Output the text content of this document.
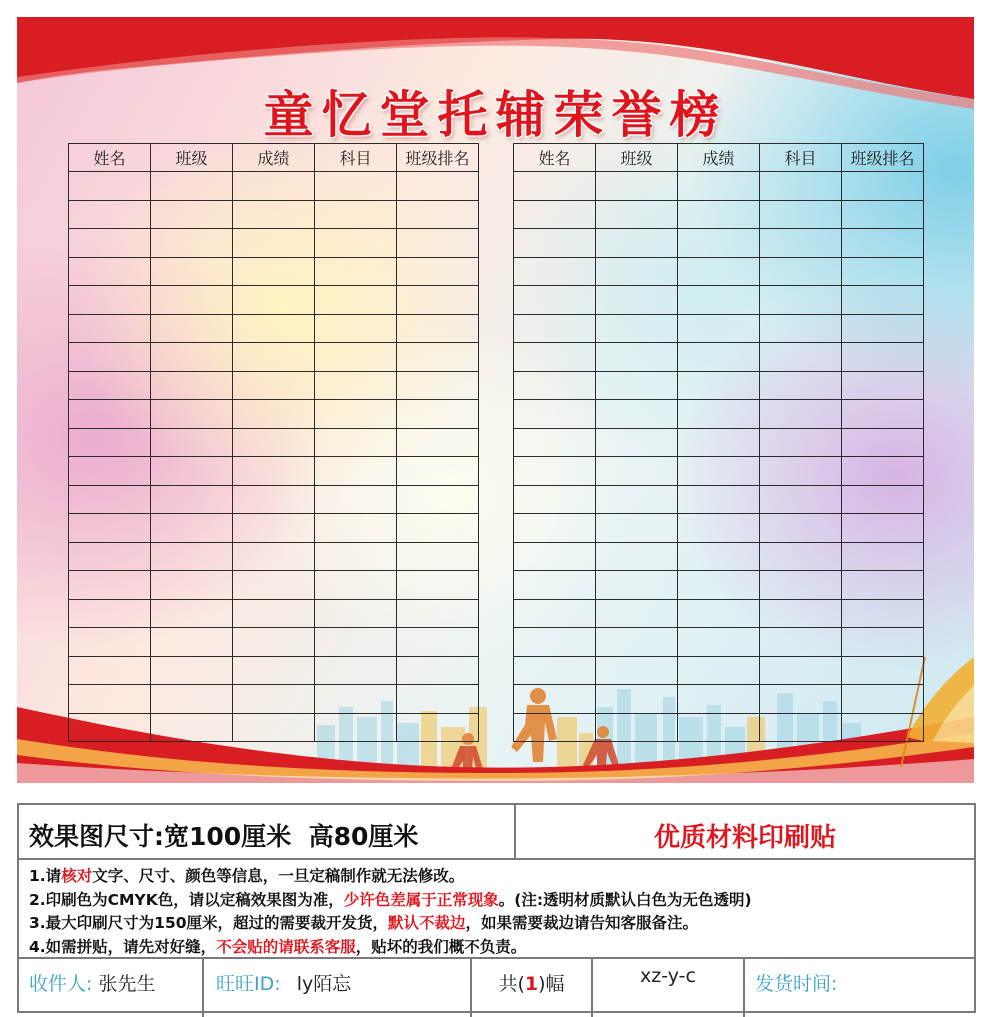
童忆堂托辅荣誉榜
姓名	班级	成绩	科目	班级排名

					姓名	班级	成绩	科目	班级排名

效果图尺寸:宽100厘米  高80厘米	优质材料印刷贴
1.请核对文字、尺寸、颜色等信息，一旦定稿制作就无法修改。
2.印刷色为CMYK色，请以定稿效果图为准，少许色差属于正常现象。(注:透明材质默认白色为无色透明)
3.最大印刷尺寸为150厘米，超过的需要裁开发货，默认不裁边，如果需要裁边请告知客服备注。
4.如需拼贴，请先对好缝，不会贴的请联系客服，贴坏的我们概不负责。
收件人: 张先生	旺旺ID: ly陌忘	共(1)幅	xz-y-c	发货时间:
